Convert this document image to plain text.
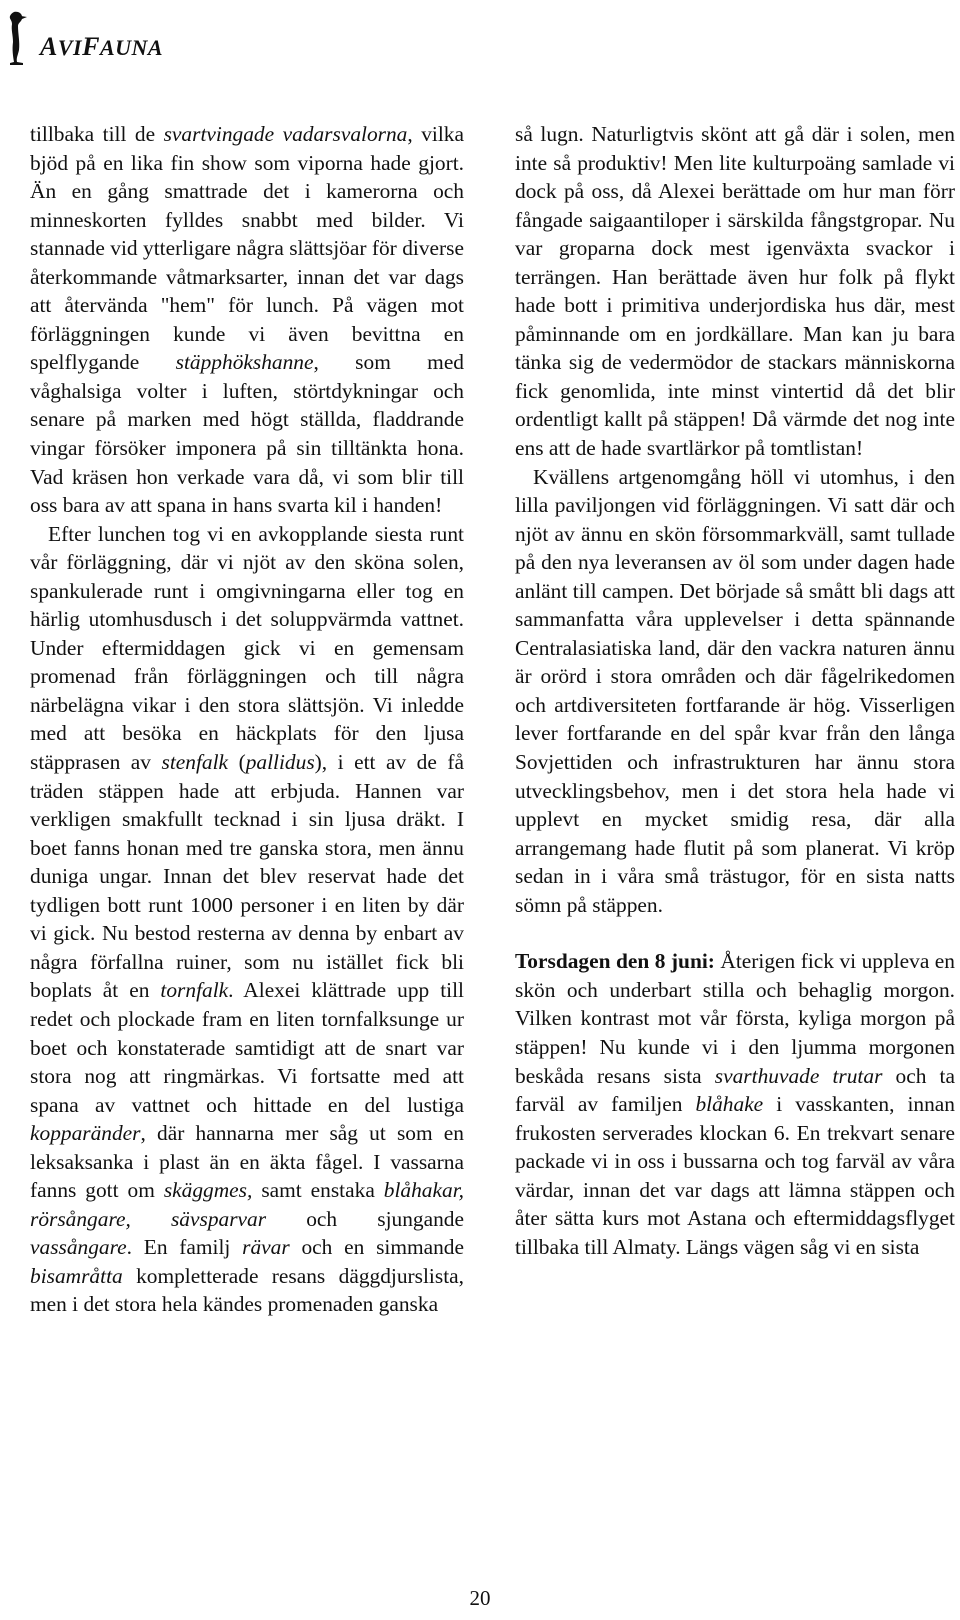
AVIFAUNA

tillbaka till de svartvingade vadarsvalorna, vilka bjöd på en lika fin show som viporna hade gjort. Än en gång smattrade det i kamerorna och minneskorten fylldes snabbt med bilder. Vi stannade vid ytterligare några slättsjöar för diverse återkommande våtmarksarter, innan det var dags att återvända "hem" för lunch. På vägen mot förläggningen kunde vi även bevittna en spelflygande stäpphökshanne, som med våghalsiga volter i luften, störtdykningar och senare på marken med högt ställda, fladdrande vingar försöker imponera på sin tilltänkta hona. Vad kräsen hon verkade vara då, vi som blir till oss bara av att spana in hans svarta kil i handen!

Efter lunchen tog vi en avkopplande siesta runt vår förläggning, där vi njöt av den sköna solen, spankulerade runt i omgivningarna eller tog en härlig utomhusdusch i det soluppvärmda vattnet. Under eftermiddagen gick vi en gemensam promenad från förläggningen och till några närbelägna vikar i den stora slättsjön. Vi inledde med att besöka en häckplats för den ljusa stäpprasen av stenfalk (pallidus), i ett av de få träden stäppen hade att erbjuda. Hannen var verkligen smakfullt tecknad i sin ljusa dräkt. I boet fanns honan med tre ganska stora, men ännu duniga ungar. Innan det blev reservat hade det tydligen bott runt 1000 personer i en liten by där vi gick. Nu bestod resterna av denna by enbart av några förfallna ruiner, som nu istället fick bli boplats åt en tornfalk. Alexei klättrade upp till redet och plockade fram en liten tornfalksunge ur boet och konstaterade samtidigt att de snart var stora nog att ringmärkas. Vi fortsatte med att spana av vattnet och hittade en del lustiga kopparänder, där hannarna mer såg ut som en leksaksanka i plast än en äkta fågel. I vassarna fanns gott om skäggmes, samt enstaka blåhakar, rörsångare, sävsparvar och sjungande vassångare. En familj rävar och en simmande bisamråtta kompletterade resans däggdjurslista, men i det stora hela kändes promenaden ganska

så lugn. Naturligtvis skönt att gå där i solen, men inte så produktiv! Men lite kulturpoäng samlade vi dock på oss, då Alexei berättade om hur man förr fångade saigaantiloper i särskilda fångstgropar. Nu var groparna dock mest igenväxta svackor i terrängen. Han berättade även hur folk på flykt hade bott i primitiva underjordiska hus där, mest påminnande om en jordkällare. Man kan ju bara tänka sig de vedermödor de stackars människorna fick genomlida, inte minst vintertid då det blir ordentligt kallt på stäppen! Då värmde det nog inte ens att de hade svartlärkor på tomtlistan!

Kvällens artgenomgång höll vi utomhus, i den lilla paviljongen vid förläggningen. Vi satt där och njöt av ännu en skön försommarkväll, samt tullade på den nya leveransen av öl som under dagen hade anlänt till campen. Det började så smått bli dags att sammanfatta våra upplevelser i detta spännande Centralasiatiska land, där den vackra naturen ännu är orörd i stora områden och där fågelrikedomen och artdiversiteten fortfarande är hög. Visserligen lever fortfarande en del spår kvar från den långa Sovjettiden och infrastrukturen har ännu stora utvecklingsbehov, men i det stora hela hade vi upplevt en mycket smidig resa, där alla arrangemang hade flutit på som planerat. Vi kröp sedan in i våra små trästugor, för en sista natts sömn på stäppen.

Torsdagen den 8 juni: Återigen fick vi uppleva en skön och underbart stilla och behaglig morgon. Vilken kontrast mot vår första, kyliga morgon på stäppen! Nu kunde vi i den ljumma morgonen beskåda resans sista svarthuvade trutar och ta farväl av familjen blåhake i vasskanten, innan frukosten serverades klockan 6. En trekvart senare packade vi in oss i bussarna och tog farväl av våra värdar, innan det var dags att lämna stäppen och åter sätta kurs mot Astana och eftermiddagsflyget tillbaka till Almaty. Längs vägen såg vi en sista

20
